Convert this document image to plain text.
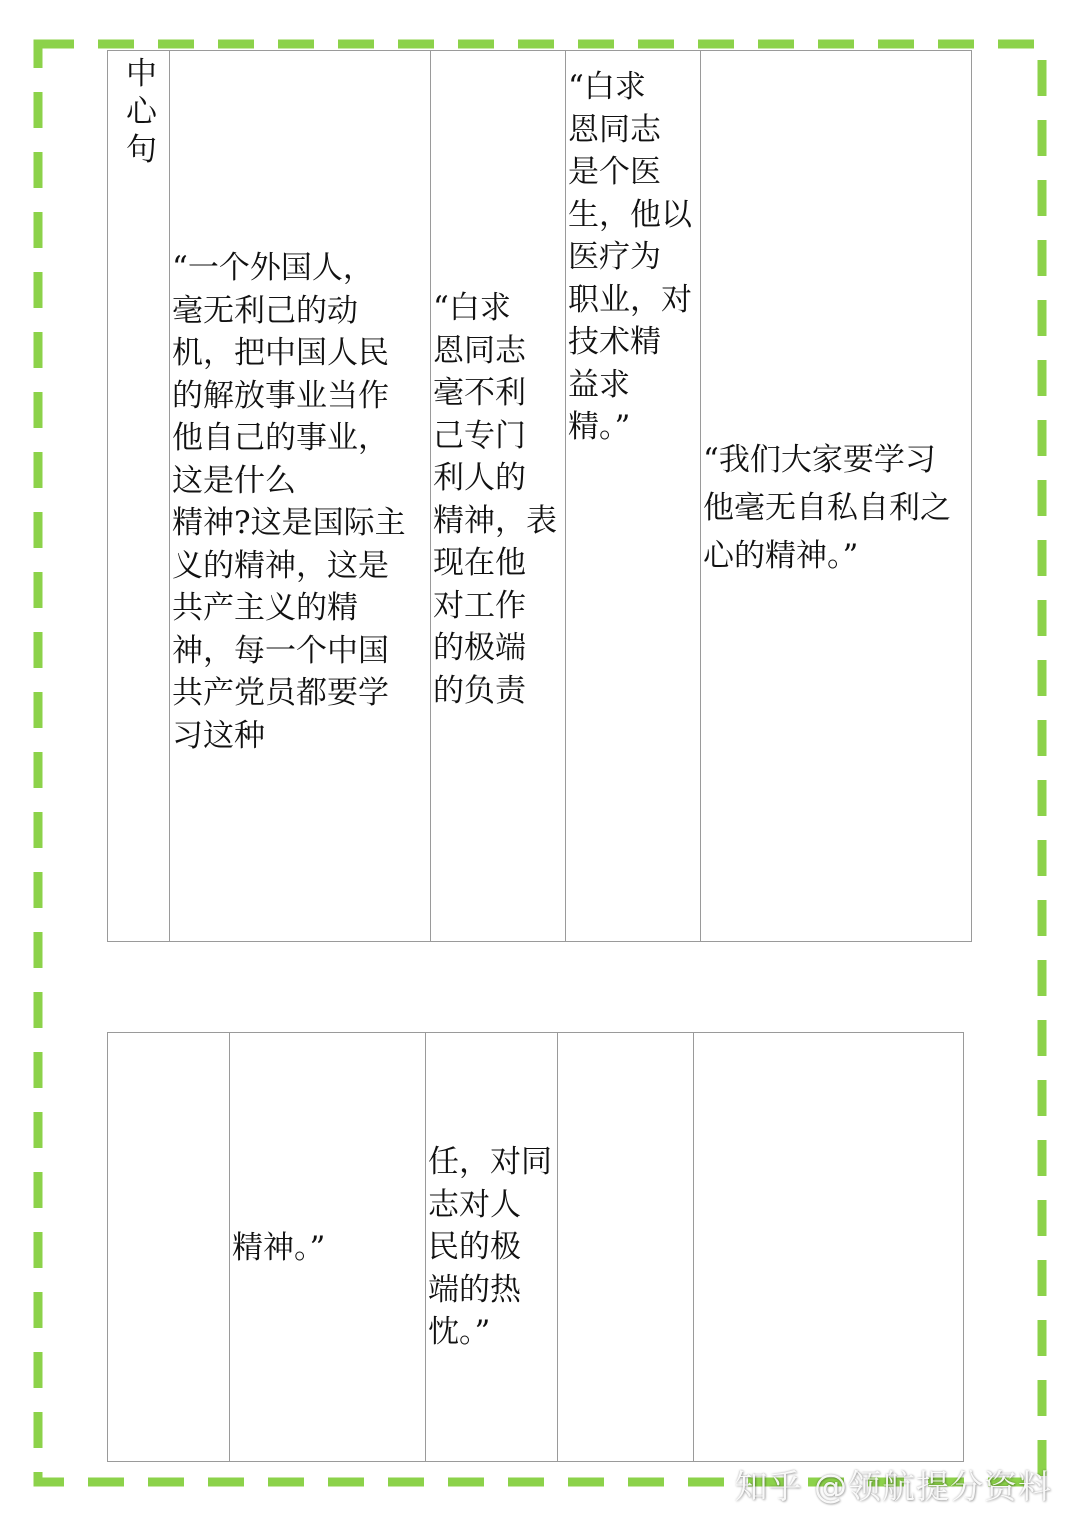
中心句
“一个外国人，
毫无利己的动
机，把中国人民
的解放事业当作
他自己的事业，
这是什么
精神?这是国际主
义的精神，这是
共产主义的精
神，每一个中国
共产党员都要学
习这种
“白求
恩同志
毫不利
己专门
利人的
精神，表
现在他
对工作
的极端
的负责
“白求
恩同志
是个医
生，他以
医疗为
职业，对
技术精
益求
精。”
“我们大家要学习
他毫无自私自利之
心的精神。”
精神。”
任，对同
志对人
民的极
端的热
忱。”
知乎 @领航提分资料
